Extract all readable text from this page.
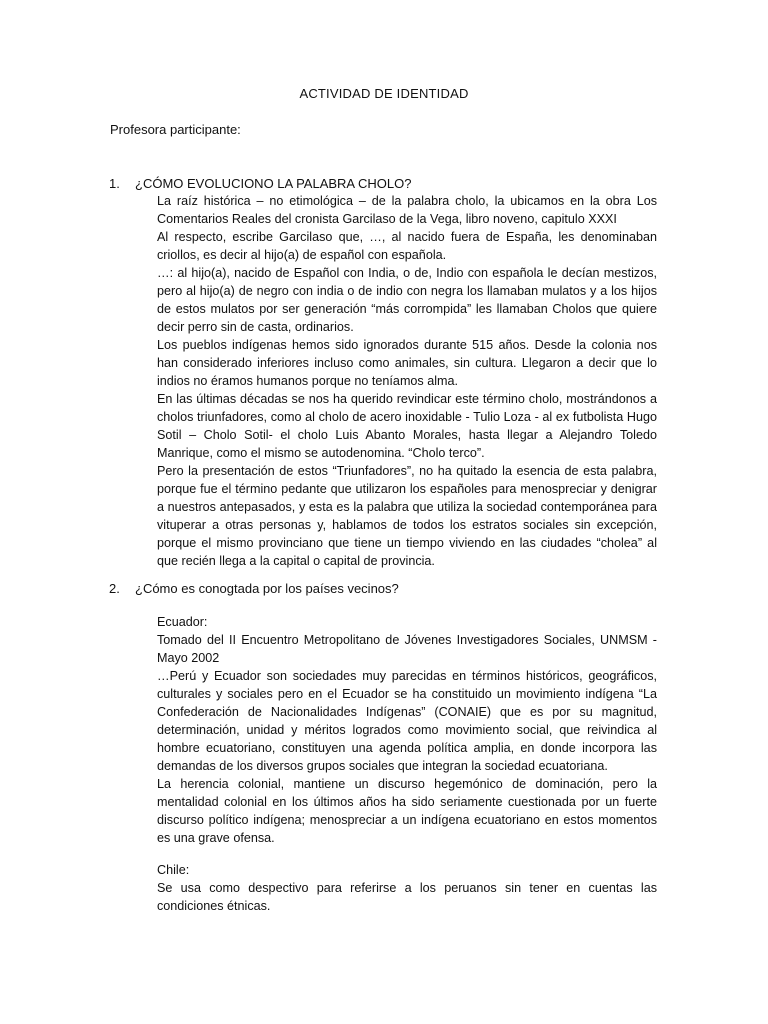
ACTIVIDAD DE IDENTIDAD
Profesora participante:
1. ¿CÓMO EVOLUCIONO LA PALABRA CHOLO?

La raíz histórica – no etimológica – de la palabra cholo, la ubicamos en la obra Los Comentarios Reales del cronista Garcilaso de la Vega, libro noveno, capitulo XXXI

Al respecto, escribe Garcilaso que, …, al nacido fuera de España, les denominaban criollos, es decir al hijo(a) de español con española.

…: al hijo(a), nacido de Español con India, o de, Indio con española le decían mestizos, pero al hijo(a) de negro con india o de indio con negra los llamaban mulatos y a los hijos de estos mulatos por ser generación “más corrompida” les llamaban Cholos que quiere decir perro sin de casta, ordinarios.

Los pueblos indígenas hemos sido ignorados durante 515 años. Desde la colonia nos han considerado inferiores incluso como animales, sin cultura. Llegaron a decir que lo indios no éramos humanos porque no teníamos alma.

En las últimas décadas se nos ha querido revindicar este término cholo, mostrándonos a cholos triunfadores, como al cholo de acero inoxidable - Tulio Loza - al ex futbolista Hugo Sotil – Cholo Sotil- el cholo Luis Abanto Morales, hasta llegar a Alejandro Toledo Manrique, como el mismo se autodenomina. “Cholo terco”.

Pero la presentación de estos “Triunfadores”, no ha quitado la esencia de esta palabra, porque fue el término pedante que utilizaron los españoles para menospreciar y denigrar a nuestros antepasados, y esta es la palabra que utiliza la sociedad contemporánea para vituperar a otras personas y, hablamos de todos los estratos sociales sin excepción, porque el mismo provinciano que tiene un tiempo viviendo en las ciudades “cholea” al que recién llega a la capital o capital de provincia.

2. ¿Cómo es conogtada por los países vecinos?

Ecuador:

Tomado del II Encuentro Metropolitano de Jóvenes Investigadores Sociales, UNMSM - Mayo 2002

…Perú y Ecuador son sociedades muy parecidas en términos históricos, geográficos, culturales y sociales pero en el Ecuador se ha constituido un movimiento indígena “La Confederación de Nacionalidades Indígenas” (CONAIE) que es por su magnitud, determinación, unidad y méritos logrados como movimiento social, que reivindica al hombre ecuatoriano, constituyen una agenda política amplia, en donde incorpora las demandas de los diversos grupos sociales que integran la sociedad ecuatoriana.

La herencia colonial, mantiene un discurso hegemónico de dominación, pero la mentalidad colonial en los últimos años ha sido seriamente cuestionada por un fuerte discurso político indígena; menospreciar a un indígena ecuatoriano en estos momentos es una grave ofensa.

Chile:

Se usa como despectivo para referirse a los peruanos sin tener en cuentas las condiciones étnicas.
